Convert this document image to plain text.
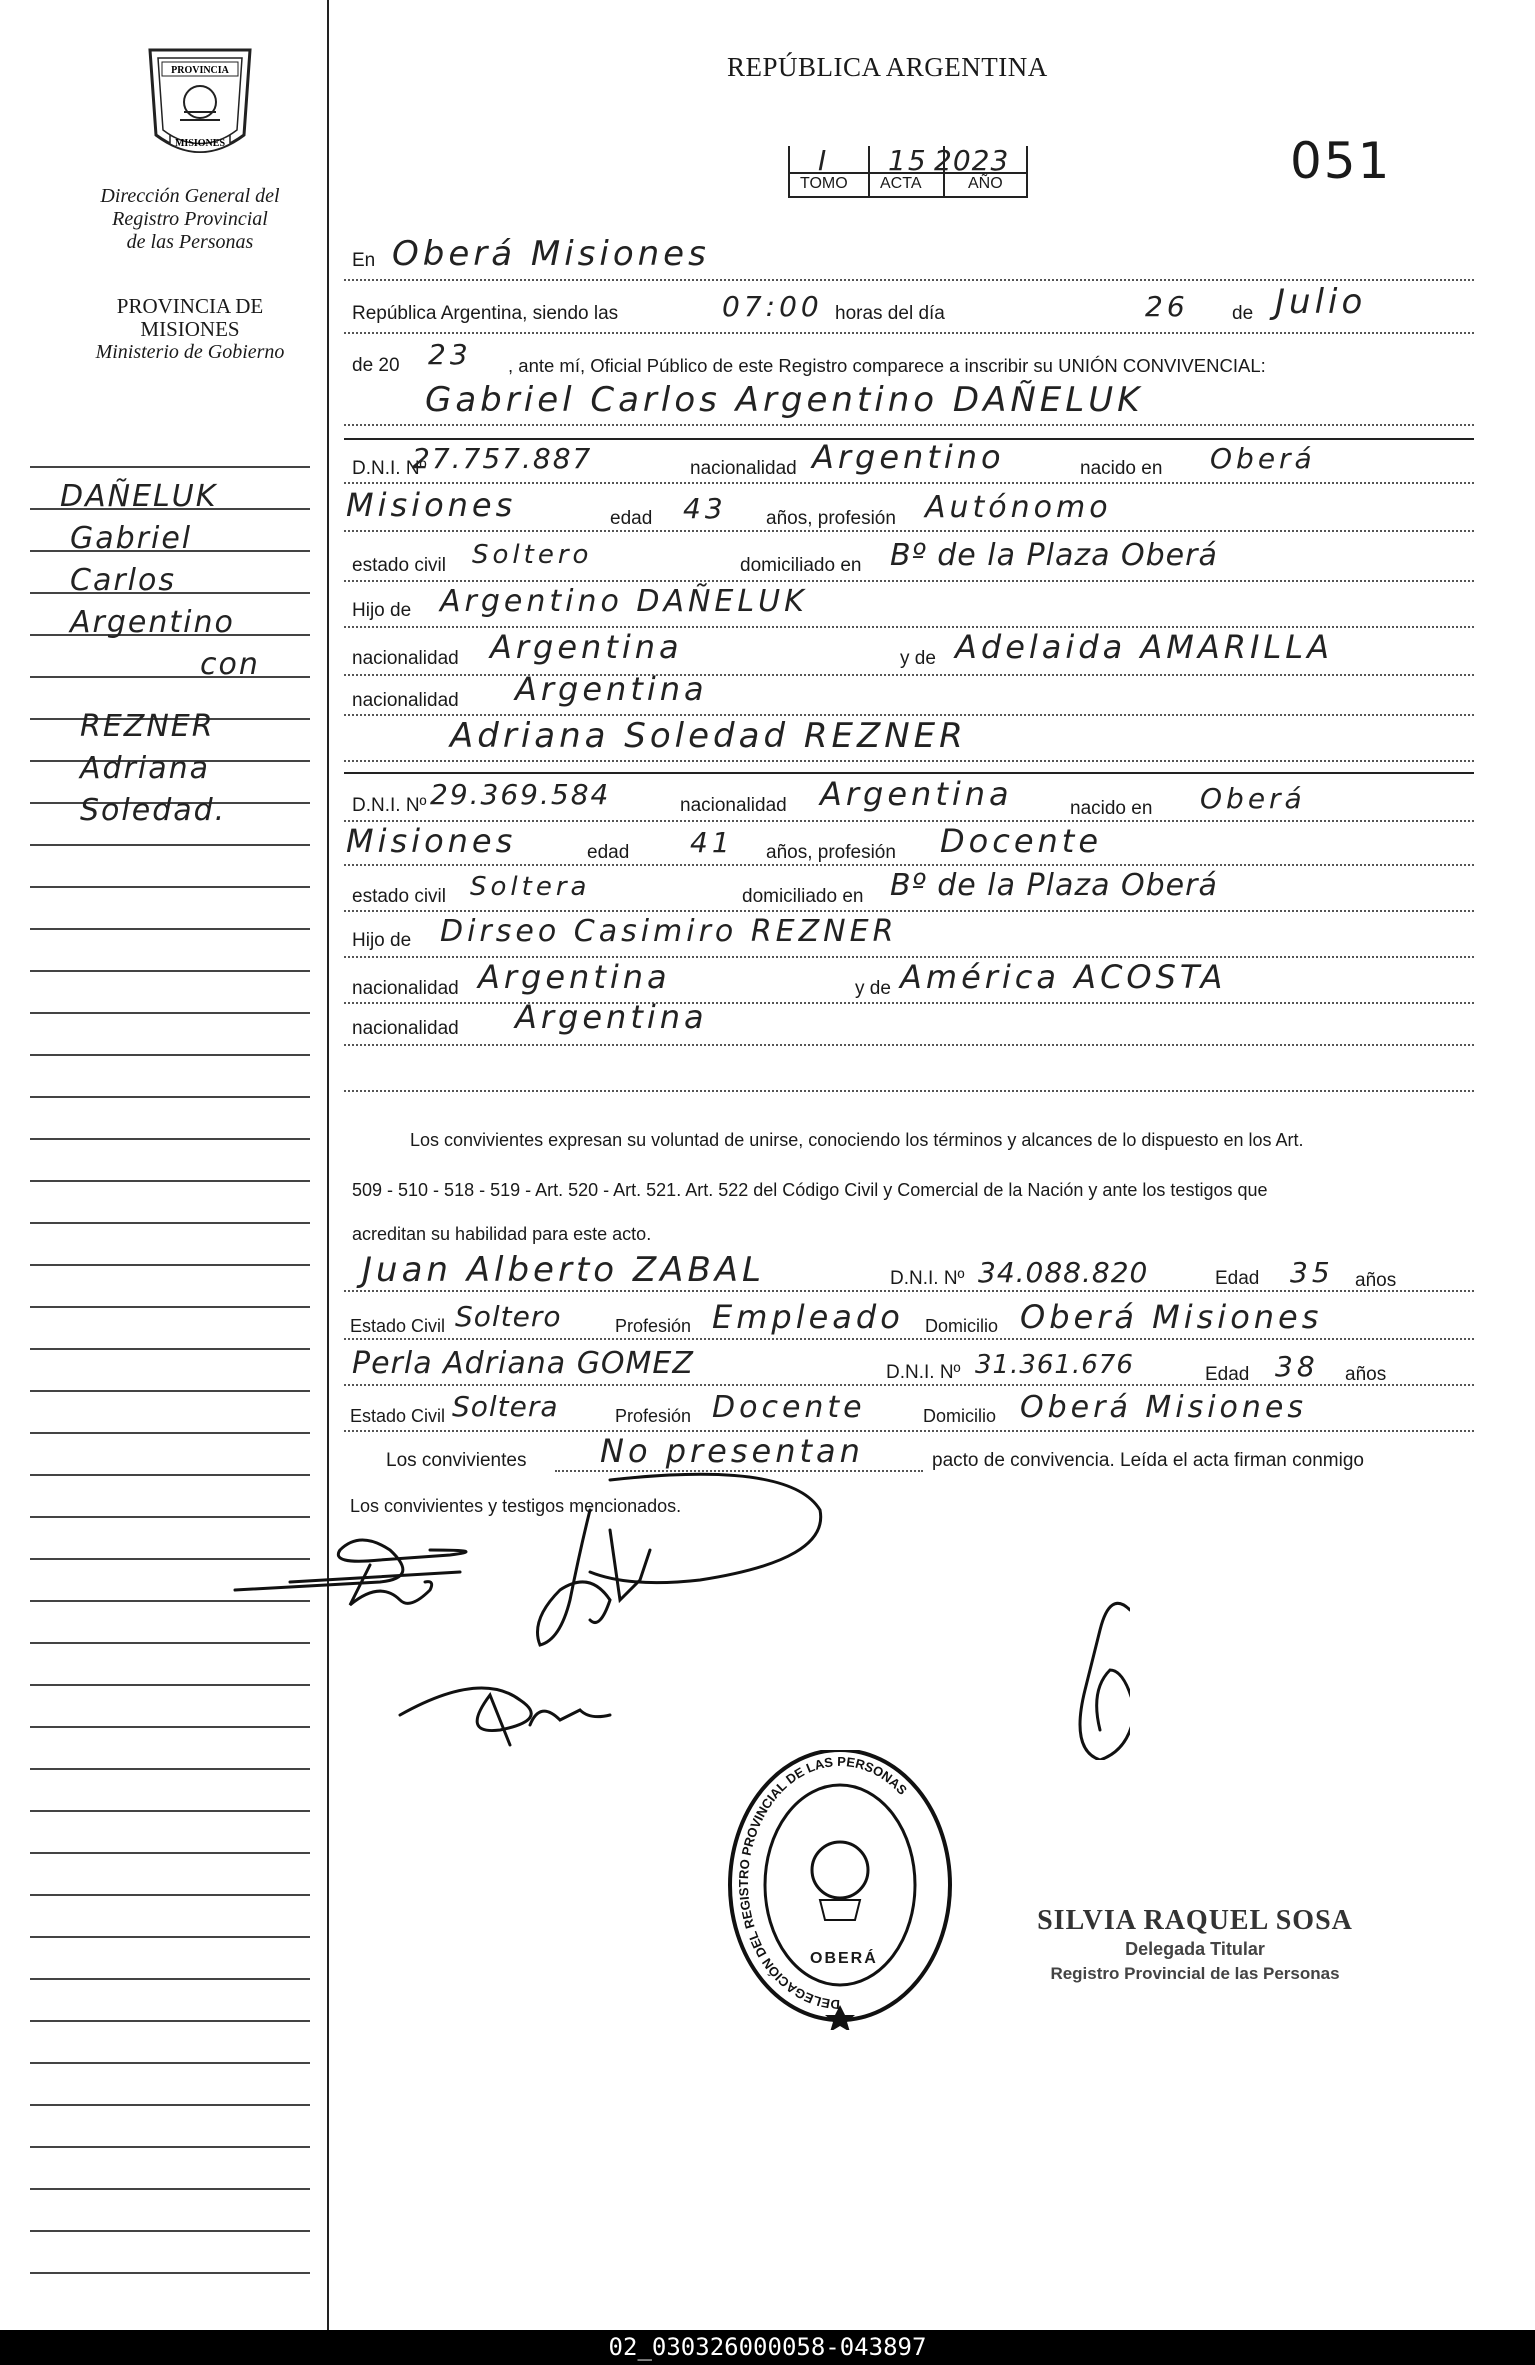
PROVINCIA
MISIONES
Dirección General del
Registro Provincial
de las Personas
PROVINCIA DE
MISIONES
Ministerio de Gobierno
DAÑELUK
Gabriel
Carlos
Argentino
con
REZNER
Adriana
Soledad.
REPÚBLICA ARGENTINA
I 15 2023
TOMO ACTA	AÑO	051
En Oberá Misiones
República Argentina, siendo las	07:00 horas del día	26 de Julio
de 20 23 , ante mí, Oficial Público de este Registro comparece a inscribir su UNIÓN CONVIVENCIAL:
Gabriel Carlos Argentino DAÑELUK
D.N.I. Nº
27.757.887	nacionalidad Argentino	nacido en Oberá
Misiones	edad 43 años, profesión Autónomo
estado civil Soltero	domiciliado en Bº de la Plaza Oberá
Hijo de Argentino DAÑELUK
nacionalidad Argentina	y de Adelaida AMARILLA
nacionalidad Argentina
Adriana Soledad REZNER
D.N.I. Nº 29.369.584	nacionalidad Argentina	nacido en Oberá
Misiones	edad 41 años, profesión Docente
estado civil Soltera	domiciliado en Bº de la Plaza Oberá
Hijo de Dirseo Casimiro REZNER
nacionalidad Argentina	y de América ACOSTA
nacionalidad Argentina
Los convivientes expresan su voluntad de unirse, conociendo los términos y alcances de lo dispuesto en los Art.
509 - 510 - 518 - 519 - Art. 520 - Art. 521. Art. 522 del Código Civil y Comercial de la Nación y ante los testigos que
acreditan su habilidad para este acto.
Juan Alberto ZABAL	D.N.I. Nº 34.088.820	Edad 35 años
Estado Civil Soltero	Profesión Empleado Domicilio Oberá Misiones
Perla Adriana GOMEZ	D.N.I. Nº 31.361.676	Edad 38 años
Estado Civil Soltera	Profesión Docente	Domicilio Oberá Misiones
Los convivientes No presentan	pacto de convivencia. Leída el acta firman conmigo
Los convivientes y testigos mencionados.
DELEGACIÓN DEL REGISTRO PROVINCIAL DE LAS PERSONAS
OBERÁ
SILVIA RAQUEL SOSA
Delegada Titular
Registro Provincial de las Personas
02_030326000058-043897
